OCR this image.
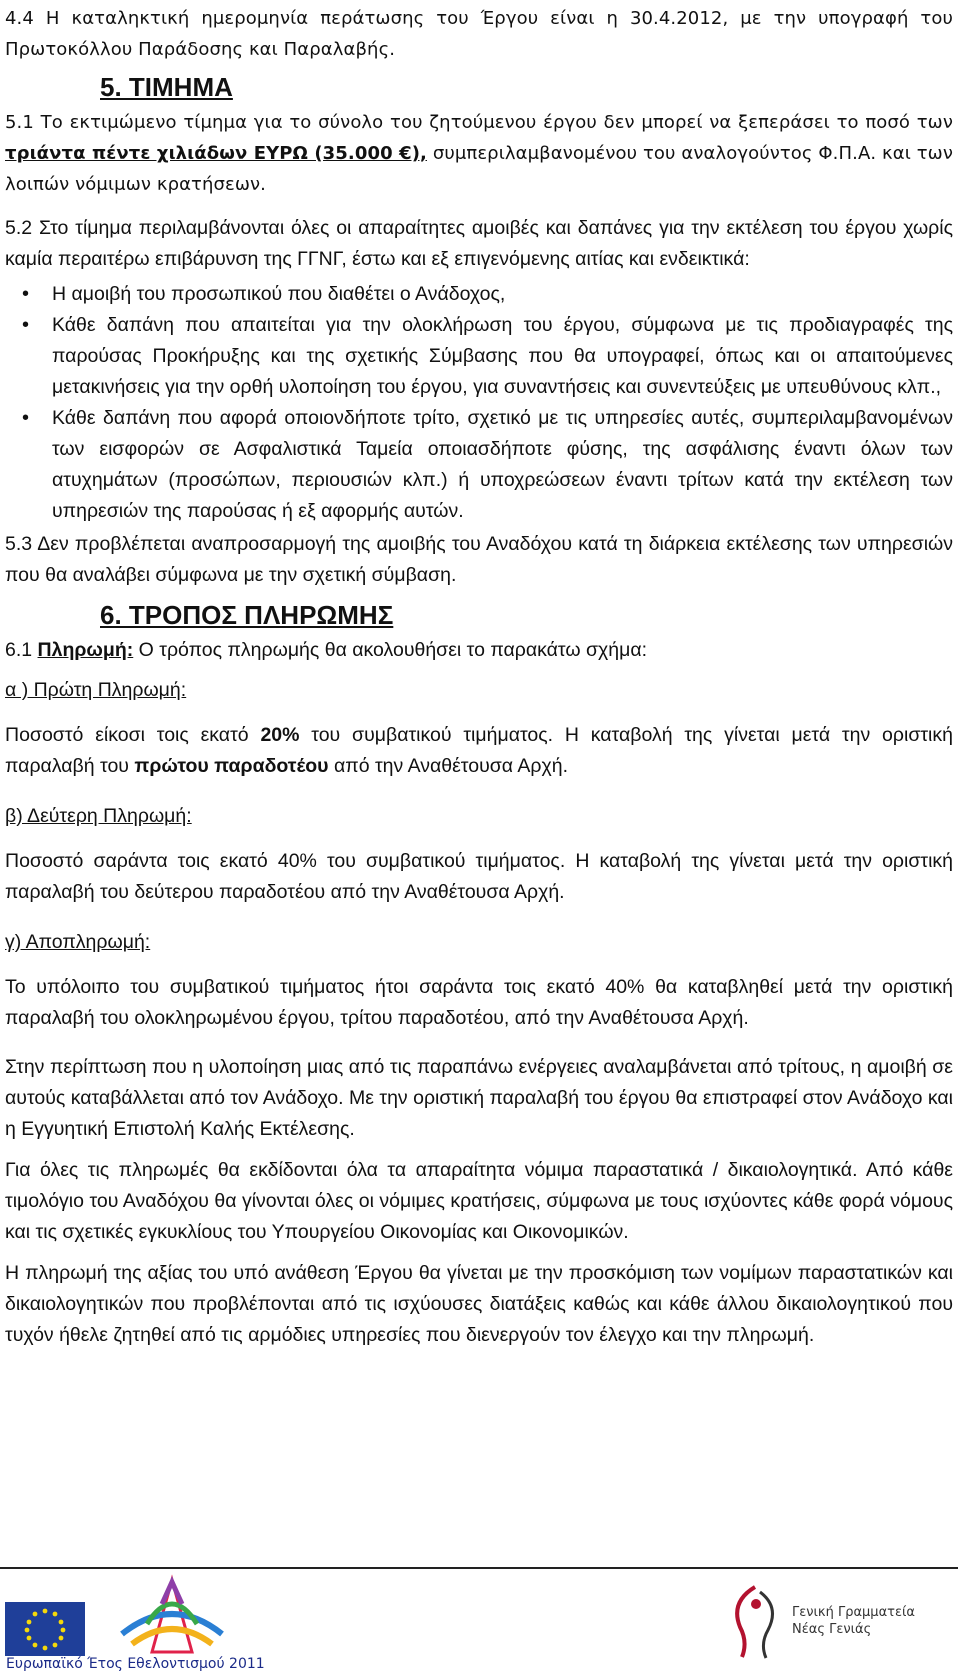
4.4 Η καταληκτική ημερομηνία περάτωσης του Έργου είναι η 30.4.2012, με την υπογραφή του Πρωτοκόλλου Παράδοσης και Παραλαβής.

5. ΤΙΜΗΜΑ

5.1 Το εκτιμώμενο τίμημα για το σύνολο του ζητούμενου έργου δεν μπορεί να ξεπεράσει το ποσό των τριάντα πέντε χιλιάδων ΕΥΡΩ (35.000 €), συμπεριλαμβανομένου του αναλογούντος Φ.Π.Α. και των λοιπών νόμιμων κρατήσεων.

5.2 Στο τίμημα περιλαμβάνονται όλες οι απαραίτητες αμοιβές και δαπάνες για την εκτέλεση του έργου χωρίς καμία περαιτέρω επιβάρυνση της ΓΓΝΓ, έστω και εξ επιγενόμενης αιτίας και ενδεικτικά:

• Η αμοιβή του προσωπικού που διαθέτει ο Ανάδοχος,
• Κάθε δαπάνη που απαιτείται για την ολοκλήρωση του έργου, σύμφωνα με τις προδιαγραφές της παρούσας Προκήρυξης και της σχετικής Σύμβασης που θα υπογραφεί, όπως και οι απαιτούμενες μετακινήσεις για την ορθή υλοποίηση του έργου, για συναντήσεις και συνεντεύξεις με υπευθύνους κλπ.,
• Κάθε δαπάνη που αφορά οποιονδήποτε τρίτο, σχετικό με τις υπηρεσίες αυτές, συμπεριλαμβανομένων των εισφορών σε Ασφαλιστικά Ταμεία οποιασδήποτε φύσης, της ασφάλισης έναντι όλων των ατυχημάτων (προσώπων, περιουσιών κλπ.) ή υποχρεώσεων έναντι τρίτων κατά την εκτέλεση των υπηρεσιών της παρούσας ή εξ αφορμής αυτών.

5.3 Δεν προβλέπεται αναπροσαρμογή της αμοιβής του Αναδόχου κατά τη διάρκεια εκτέλεσης των υπηρεσιών που θα αναλάβει σύμφωνα με την σχετική σύμβαση.

6. ΤΡΟΠΟΣ ΠΛΗΡΩΜΗΣ

6.1 Πληρωμή: Ο τρόπος πληρωμής θα ακολουθήσει το παρακάτω σχήμα:

α ) Πρώτη Πληρωμή:

Ποσοστό είκοσι τοις εκατό 20% του συμβατικού τιμήματος. Η καταβολή της γίνεται μετά την οριστική παραλαβή του πρώτου παραδοτέου από την Αναθέτουσα Αρχή.

β) Δεύτερη Πληρωμή:

Ποσοστό σαράντα τοις εκατό 40% του συμβατικού τιμήματος. Η καταβολή της γίνεται μετά την οριστική παραλαβή του δεύτερου παραδοτέου από την Αναθέτουσα Αρχή.

γ) Αποπληρωμή:

Το υπόλοιπο του συμβατικού τιμήματος ήτοι σαράντα τοις εκατό 40% θα καταβληθεί μετά την οριστική παραλαβή του ολοκληρωμένου έργου, τρίτου παραδοτέου, από την Αναθέτουσα Αρχή.

Στην περίπτωση που η υλοποίηση μιας από τις παραπάνω ενέργειες αναλαμβάνεται από τρίτους, η αμοιβή σε αυτούς καταβάλλεται από τον Ανάδοχο. Με την οριστική παραλαβή του έργου θα επιστραφεί στον Ανάδοχο και η Εγγυητική Επιστολή Καλής Εκτέλεσης.

Για όλες τις πληρωμές θα εκδίδονται όλα τα απαραίτητα νόμιμα παραστατικά / δικαιολογητικά. Από κάθε τιμολόγιο του Αναδόχου θα γίνονται όλες οι νόμιμες κρατήσεις, σύμφωνα με τους ισχύοντες κάθε φορά νόμους και τις σχετικές εγκυκλίους του Υπουργείου Οικονομίας και Οικονομικών.

Η πληρωμή της αξίας του υπό ανάθεση Έργου θα γίνεται με την προσκόμιση των νομίμων παραστατικών και δικαιολογητικών που προβλέπονται από τις ισχύουσες διατάξεις καθώς και κάθε άλλου δικαιολογητικού που τυχόν ήθελε ζητηθεί από τις αρμόδιες υπηρεσίες που διενεργούν τον έλεγχο και την πληρωμή.

Ευρωπαϊκό Έτος Εθελοντισμού 2011
Γενική Γραμματεία
Νέας Γενιάς
